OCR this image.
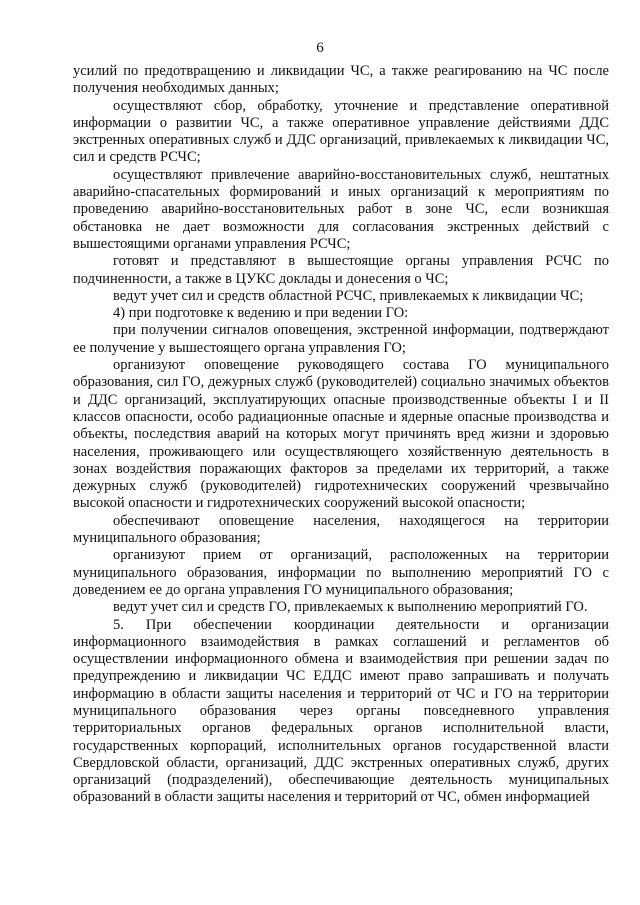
6

усилий по предотвращению и ликвидации ЧС, а также реагированию на ЧС после получения необходимых данных;

осуществляют сбор, обработку, уточнение и представление оперативной информации о развитии ЧС, а также оперативное управление действиями ДДС экстренных оперативных служб и ДДС организаций, привлекаемых к ликвидации ЧС, сил и средств РСЧС;

осуществляют привлечение аварийно-восстановительных служб, нештатных аварийно-спасательных формирований и иных организаций к мероприятиям по проведению аварийно-восстановительных работ в зоне ЧС, если возникшая обстановка не дает возможности для согласования экстренных действий с вышестоящими органами управления РСЧС;

готовят и представляют в вышестоящие органы управления РСЧС по подчиненности, а также в ЦУКС доклады и донесения о ЧС;

ведут учет сил и средств областной РСЧС, привлекаемых к ликвидации ЧС;

4) при подготовке к ведению и при ведении ГО:

при получении сигналов оповещения, экстренной информации, подтверждают ее получение у вышестоящего органа управления ГО;

организуют оповещение руководящего состава ГО муниципального образования, сил ГО, дежурных служб (руководителей) социально значимых объектов и ДДС организаций, эксплуатирующих опасные производственные объекты I и II классов опасности, особо радиационные опасные и ядерные опасные производства и объекты, последствия аварий на которых могут причинять вред жизни и здоровью населения, проживающего или осуществляющего хозяйственную деятельность в зонах воздействия поражающих факторов за пределами их территорий, а также дежурных служб (руководителей) гидротехнических сооружений чрезвычайно высокой опасности и гидротехнических сооружений высокой опасности;

обеспечивают оповещение населения, находящегося на территории муниципального образования;

организуют прием от организаций, расположенных на территории муниципального образования, информации по выполнению мероприятий ГО с доведением ее до органа управления ГО муниципального образования;

ведут учет сил и средств ГО, привлекаемых к выполнению мероприятий ГО.

5. При обеспечении координации деятельности и организации информационного взаимодействия в рамках соглашений и регламентов об осуществлении информационного обмена и взаимодействия при решении задач по предупреждению и ликвидации ЧС ЕДДС имеют право запрашивать и получать информацию в области защиты населения и территорий от ЧС и ГО на территории муниципального образования через органы повседневного управления территориальных органов федеральных органов исполнительной власти, государственных корпораций, исполнительных органов государственной власти Свердловской области, организаций, ДДС экстренных оперативных служб, других организаций (подразделений), обеспечивающие деятельность муниципальных образований в области защиты населения и территорий от ЧС, обмен информацией
